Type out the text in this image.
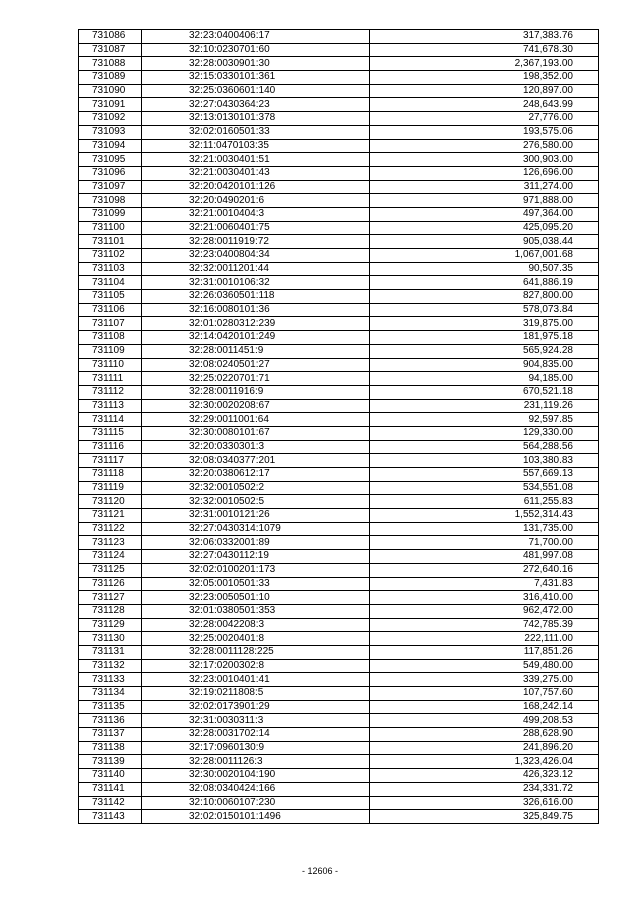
731086	32:23:0400406:17	317,383.76
731087	32:10:0230701:60	741,678.30
731088	32:28:0030901:30	2,367,193.00
731089	32:15:0330101:361	198,352.00
731090	32:25:0360601:140	120,897.00
731091	32:27:0430364:23	248,643.99
731092	32:13:0130101:378	27,776.00
731093	32:02:0160501:33	193,575.06
731094	32:11:0470103:35	276,580.00
731095	32:21:0030401:51	300,903.00
731096	32:21:0030401:43	126,696.00
731097	32:20:0420101:126	311,274.00
731098	32:20:0490201:6	971,888.00
731099	32:21:0010404:3	497,364.00
731100	32:21:0060401:75	425,095.20
731101	32:28:0011919:72	905,038.44
731102	32:23:0400804:34	1,067,001.68
731103	32:32:0011201:44	90,507.35
731104	32:31:0010106:32	641,886.19
731105	32:26:0360501:118	827,800.00
731106	32:16:0080101:36	578,073.84
731107	32:01:0280312:239	319,875.00
731108	32:14:0420101:249	181,975.18
731109	32:28:0011451:9	565,924.28
731110	32:08:0240501:27	904,835.00
731111	32:25:0220701:71	94,185.00
731112	32:28:0011916:9	670,521.18
731113	32:30:0020208:67	231,119.26
731114	32:29:0011001:64	92,597.85
731115	32:30:0080101:67	129,330.00
731116	32:20:0330301:3	564,288.56
731117	32:08:0340377:201	103,380.83
731118	32:20:0380612:17	557,669.13
731119	32:32:0010502:2	534,551.08
731120	32:32:0010502:5	611,255.83
731121	32:31:0010121:26	1,552,314.43
731122	32:27:0430314:1079	131,735.00
731123	32:06:0332001:89	71,700.00
731124	32:27:0430112:19	481,997.08
731125	32:02:0100201:173	272,640.16
731126	32:05:0010501:33	7,431.83
731127	32:23:0050501:10	316,410.00
731128	32:01:0380501:353	962,472.00
731129	32:28:0042208:3	742,785.39
731130	32:25:0020401:8	222,111.00
731131	32:28:0011128:225	117,851.26
731132	32:17:0200302:8	549,480.00
731133	32:23:0010401:41	339,275.00
731134	32:19:0211808:5	107,757.60
731135	32:02:0173901:29	168,242.14
731136	32:31:0030311:3	499,208.53
731137	32:28:0031702:14	288,628.90
731138	32:17:0960130:9	241,896.20
731139	32:28:0011126:3	1,323,426.04
731140	32:30:0020104:190	426,323.12
731141	32:08:0340424:166	234,331.72
731142	32:10:0060107:230	326,616.00
731143	32:02:0150101:1496	325,849.75
- 12606 -
